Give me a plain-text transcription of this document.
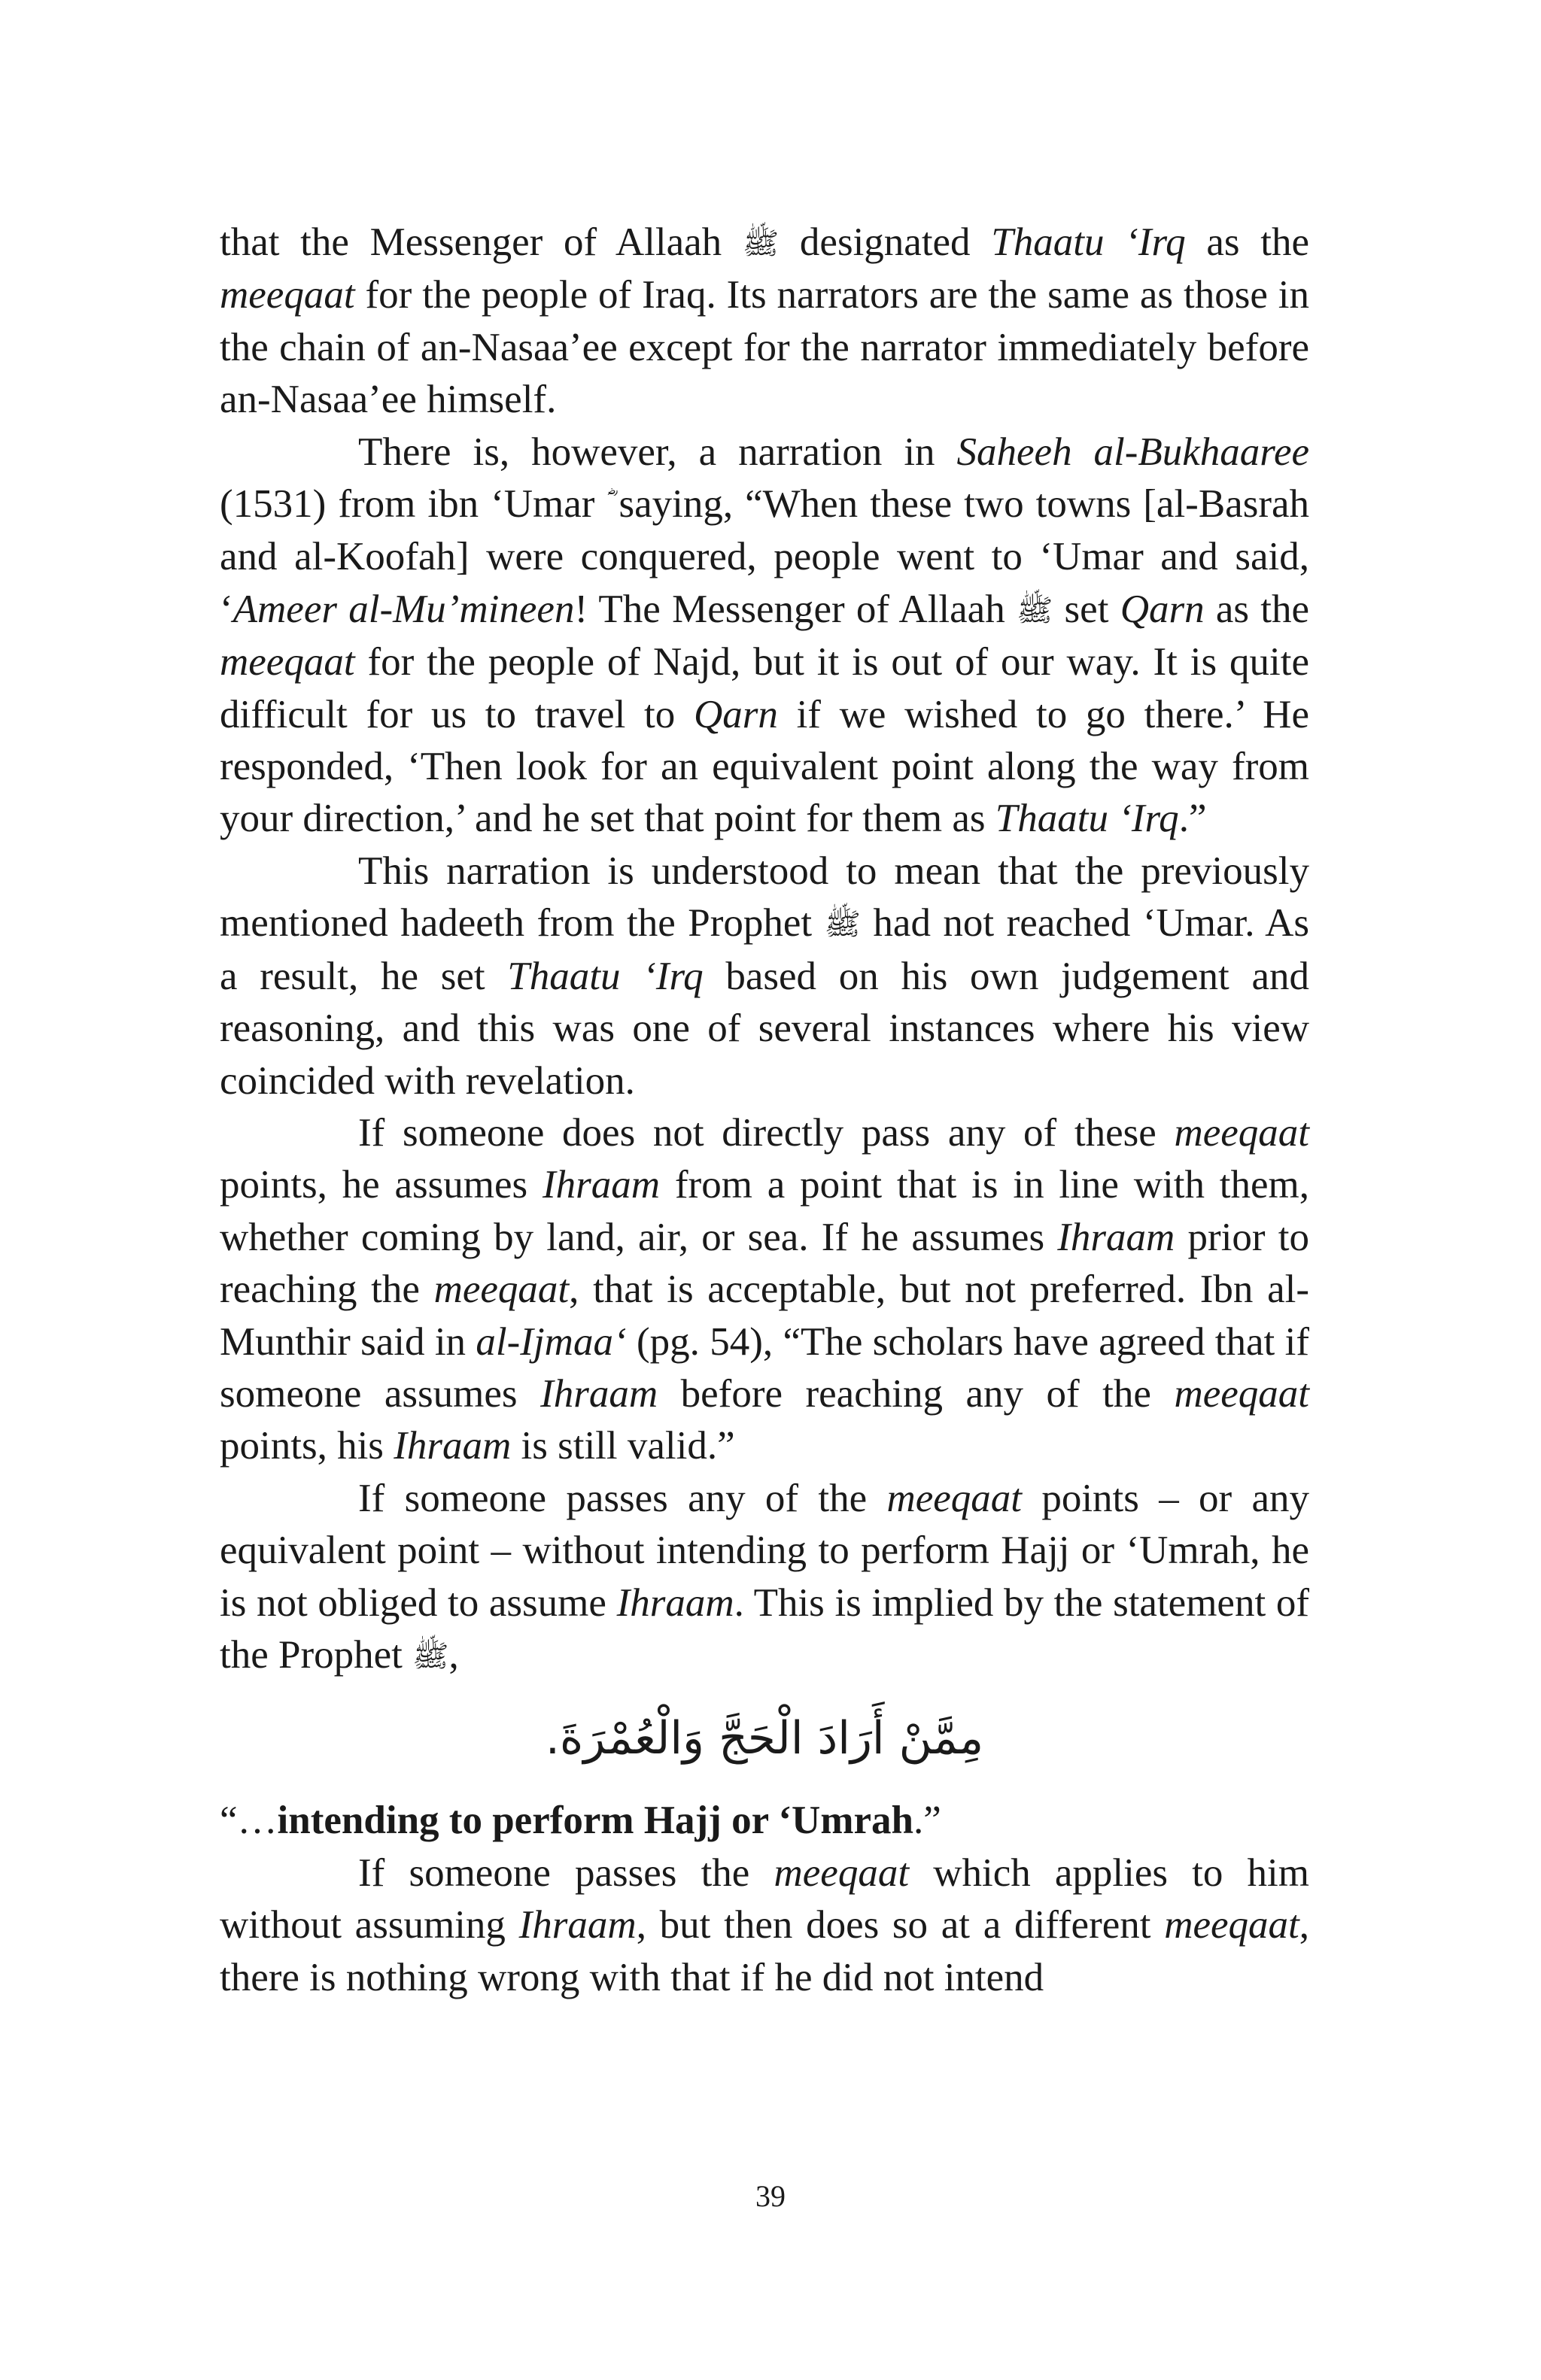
that the Messenger of Allaah ﷺ designated Thaatu ‘Irq as the meeqaat for the people of Iraq. Its narrators are the same as those in the chain of an-Nasaa’ee except for the narrator immediately before an-Nasaa’ee himself.

There is, however, a narration in Saheeh al-Bukhaaree (1531) from ibn ‘Umar saying, “When these two towns [al-Basrah and al-Koofah] were conquered, people went to ‘Umar and said, ‘Ameer al-Mu’mineen! The Messenger of Allaah ﷺ set Qarn as the meeqaat for the people of Najd, but it is out of our way. It is quite difficult for us to travel to Qarn if we wished to go there.’ He responded, ‘Then look for an equivalent point along the way from your direction,’ and he set that point for them as Thaatu ‘Irq.”

This narration is understood to mean that the previously mentioned hadeeth from the Prophet ﷺ had not reached ‘Umar. As a result, he set Thaatu ‘Irq based on his own judgement and reasoning, and this was one of several instances where his view coincided with revelation.

If someone does not directly pass any of these meeqaat points, he assumes Ihraam from a point that is in line with them, whether coming by land, air, or sea. If he assumes Ihraam prior to reaching the meeqaat, that is acceptable, but not preferred. Ibn al-Munthir said in al-Ijmaa‘ (pg. 54), “The scholars have agreed that if someone assumes Ihraam before reaching any of the meeqaat points, his Ihraam is still valid.”

If someone passes any of the meeqaat points – or any equivalent point – without intending to perform Hajj or ‘Umrah, he is not obliged to assume Ihraam. This is implied by the statement of the Prophet ﷺ,

مِمَّنْ أَرَادَ الْحَجَّ وَالْعُمْرَةَ.

“…intending to perform Hajj or ‘Umrah.”

If someone passes the meeqaat which applies to him without assuming Ihraam, but then does so at a different meeqaat, there is nothing wrong with that if he did not intend

39
